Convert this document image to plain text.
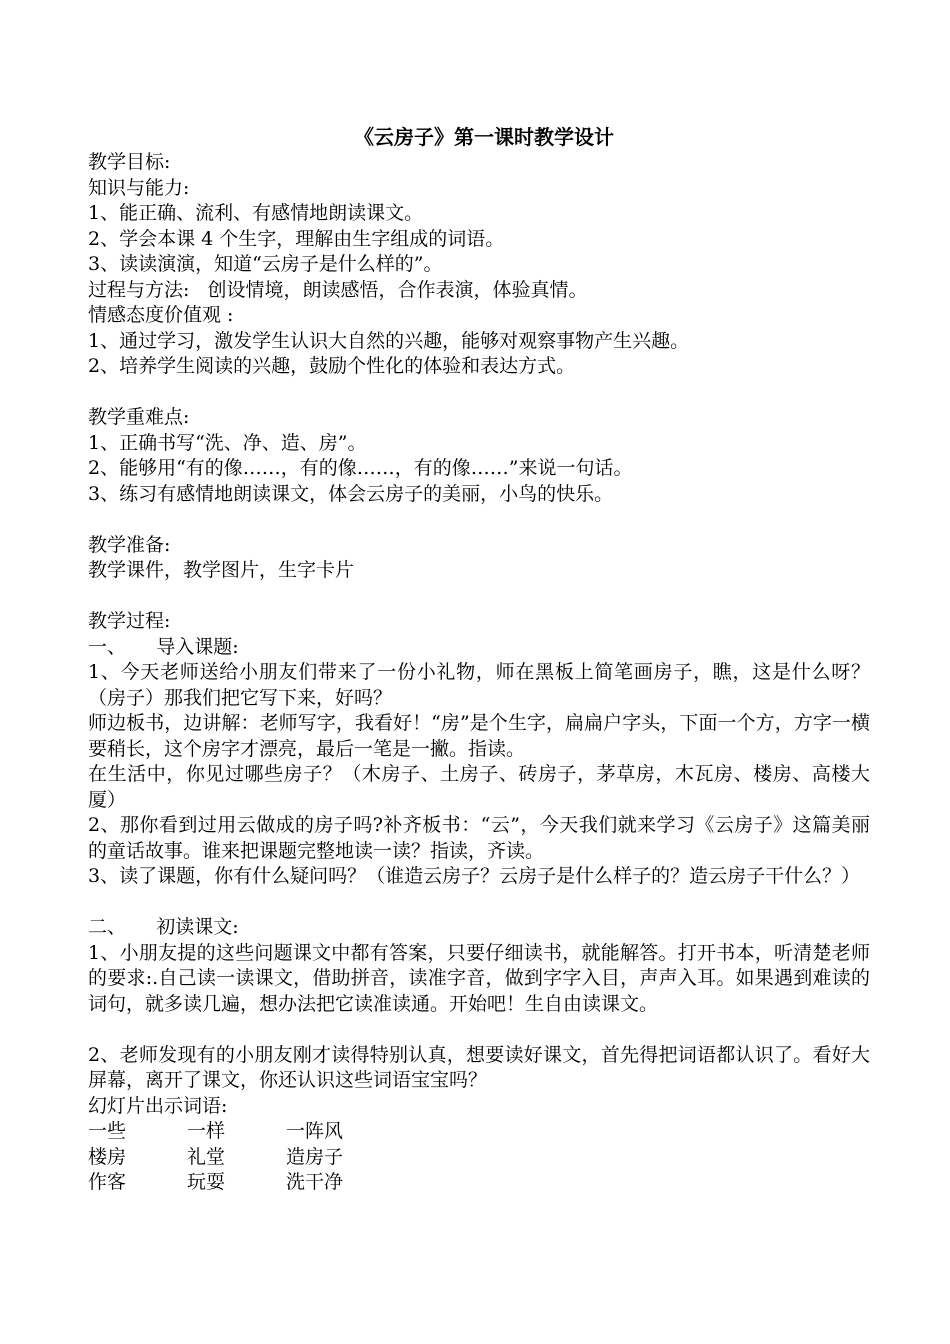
《云房子》第一课时教学设计

教学目标:

知识与能力:

1、能正确、流利、有感情地朗读课文。

2、学会本课 4 个生字，理解由生字组成的词语。

3、读读演演，知道“云房子是什么样的”。

过程与方法:   创设情境，朗读感悟，合作表演，体验真情。

情感态度价值观 :

1、通过学习，激发学生认识大自然的兴趣，能够对观察事物产生兴趣。

2、培养学生阅读的兴趣，鼓励个性化的体验和表达方式。

教学重难点:

1、正确书写“洗、净、造、房”。

2、能够用“有的像……，有的像……，有的像……”来说一句话。

3、练习有感情地朗读课文，体会云房子的美丽，小鸟的快乐。

教学准备:

教学课件，教学图片，生字卡片

教学过程:

一、     导入课题:

1、今天老师送给小朋友们带来了一份小礼物，师在黑板上简笔画房子，瞧，这是什么呀？（房子）那我们把它写下来，好吗？

师边板书，边讲解：老师写字，我看好！“房”是个生字，扁扁户字头，下面一个方，方字一横要稍长，这个房字才漂亮，最后一笔是一撇。指读。

在生活中，你见过哪些房子？（木房子、土房子、砖房子，茅草房，木瓦房、楼房、高楼大厦）

2、那你看到过用云做成的房子吗?补齐板书：“云”，今天我们就来学习《云房子》这篇美丽的童话故事。谁来把课题完整地读一读？指读，齐读。

3、读了课题，你有什么疑问吗？（谁造云房子？云房子是什么样子的？造云房子干什么？）

二、     初读课文:

1、小朋友提的这些问题课文中都有答案，只要仔细读书，就能解答。打开书本，听清楚老师的要求:.自己读一读课文，借助拼音，读准字音，做到字字入目，声声入耳。如果遇到难读的词句，就多读几遍，想办法把它读准读通。开始吧！生自由读课文。

2、老师发现有的小朋友刚才读得特别认真，想要读好课文，首先得把词语都认识了。看好大屏幕，离开了课文，你还认识这些词语宝宝吗？

幻灯片出示词语:

一些	一样	一阵风
楼房	礼堂	造房子
作客	玩耍	洗干净
